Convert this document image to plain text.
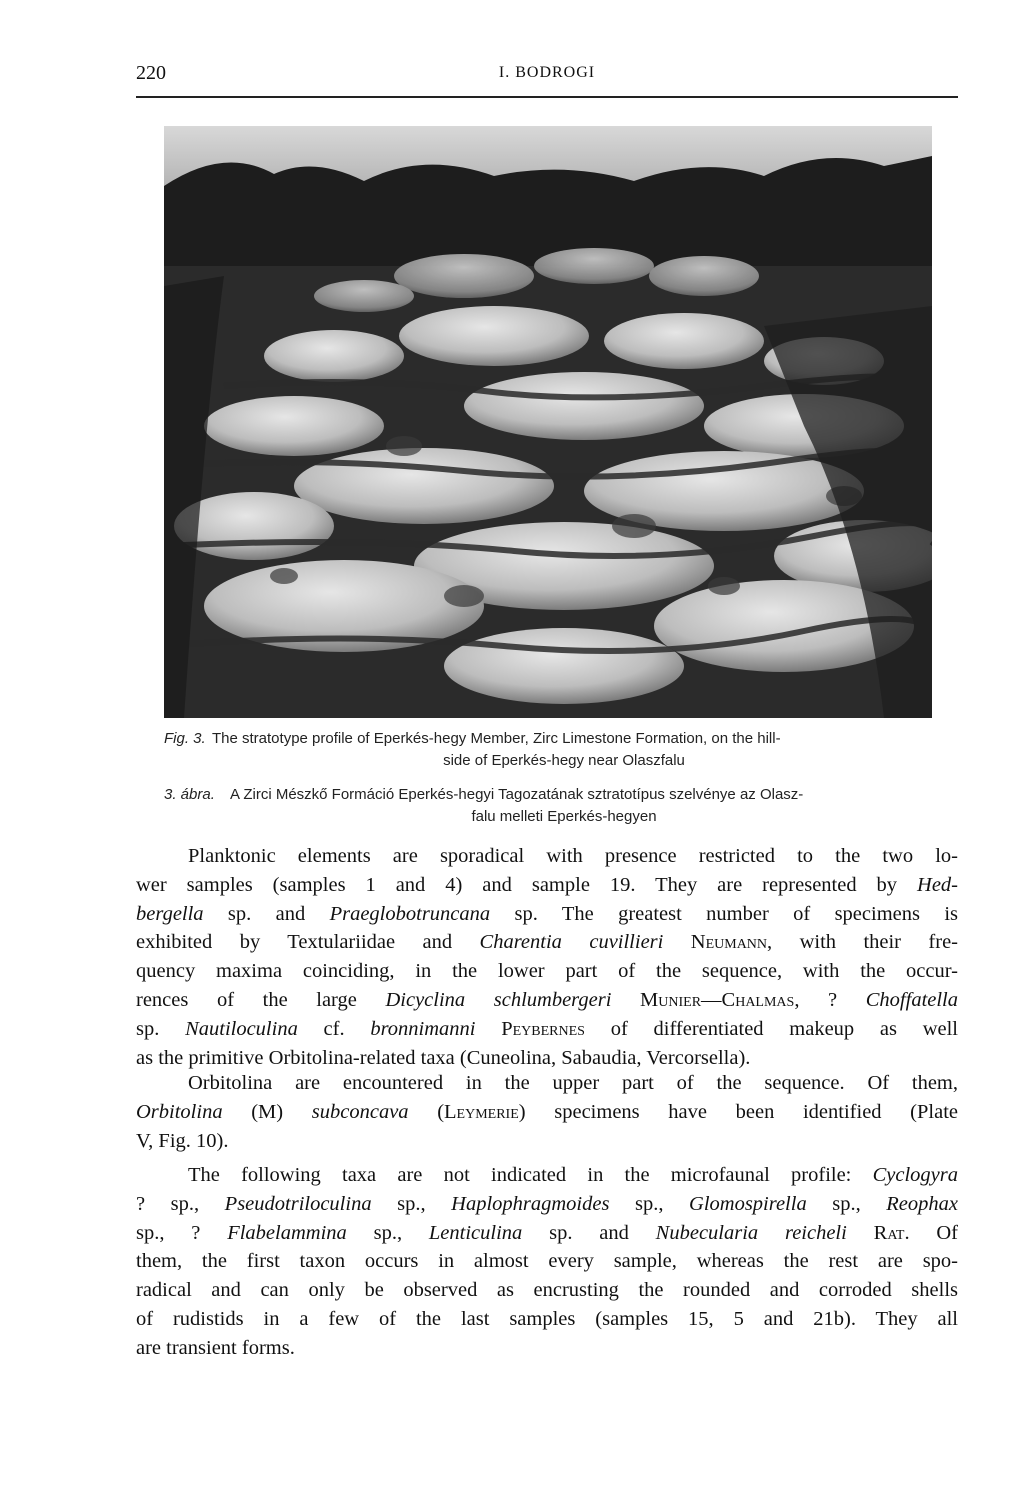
220	I. BODROGI
Fig. 3. The stratotype profile of Eperkés-hegy Member, Zirc Limestone Formation, on the hill-
side of Eperkés-hegy near Olaszfalu
3. ábra. A Zirci Mészkő Formáció Eperkés-hegyi Tagozatának sztratotípus szelvénye az Olasz-
falu melleti Eperkés-hegyen
Planktonic elements are sporadical with presence restricted to the two lo-
wer samples (samples 1 and 4) and sample 19. They are represented by Hed-
bergella sp. and Praeglobotruncana sp. The greatest number of specimens is
exhibited by Textulariidae and Charentia cuvillieri Neumann, with their fre-
quency maxima coinciding, in the lower part of the sequence, with the occur-
rences of the large Dicyclina schlumbergeri Munier—Chalmas, ? Choffatella
sp. Nautiloculina cf. bronnimanni Peybernes of differentiated makeup as well
as the primitive Orbitolina-related taxa (Cuneolina, Sabaudia, Vercorsella).
Orbitolina are encountered in the upper part of the sequence. Of them,
Orbitolina (M) subconcava (Leymerie) specimens have been identified (Plate
V, Fig. 10).
The following taxa are not indicated in the microfaunal profile: Cyclogyra
? sp., Pseudotriloculina sp., Haplophragmoides sp., Glomospirella sp., Reophax
sp., ? Flabelammina sp., Lenticulina sp. and Nubecularia reicheli Rat. Of
them, the first taxon occurs in almost every sample, whereas the rest are spo-
radical and can only be observed as encrusting the rounded and corroded shells
of rudistids in a few of the last samples (samples 15, 5 and 21b). They all
are transient forms.
